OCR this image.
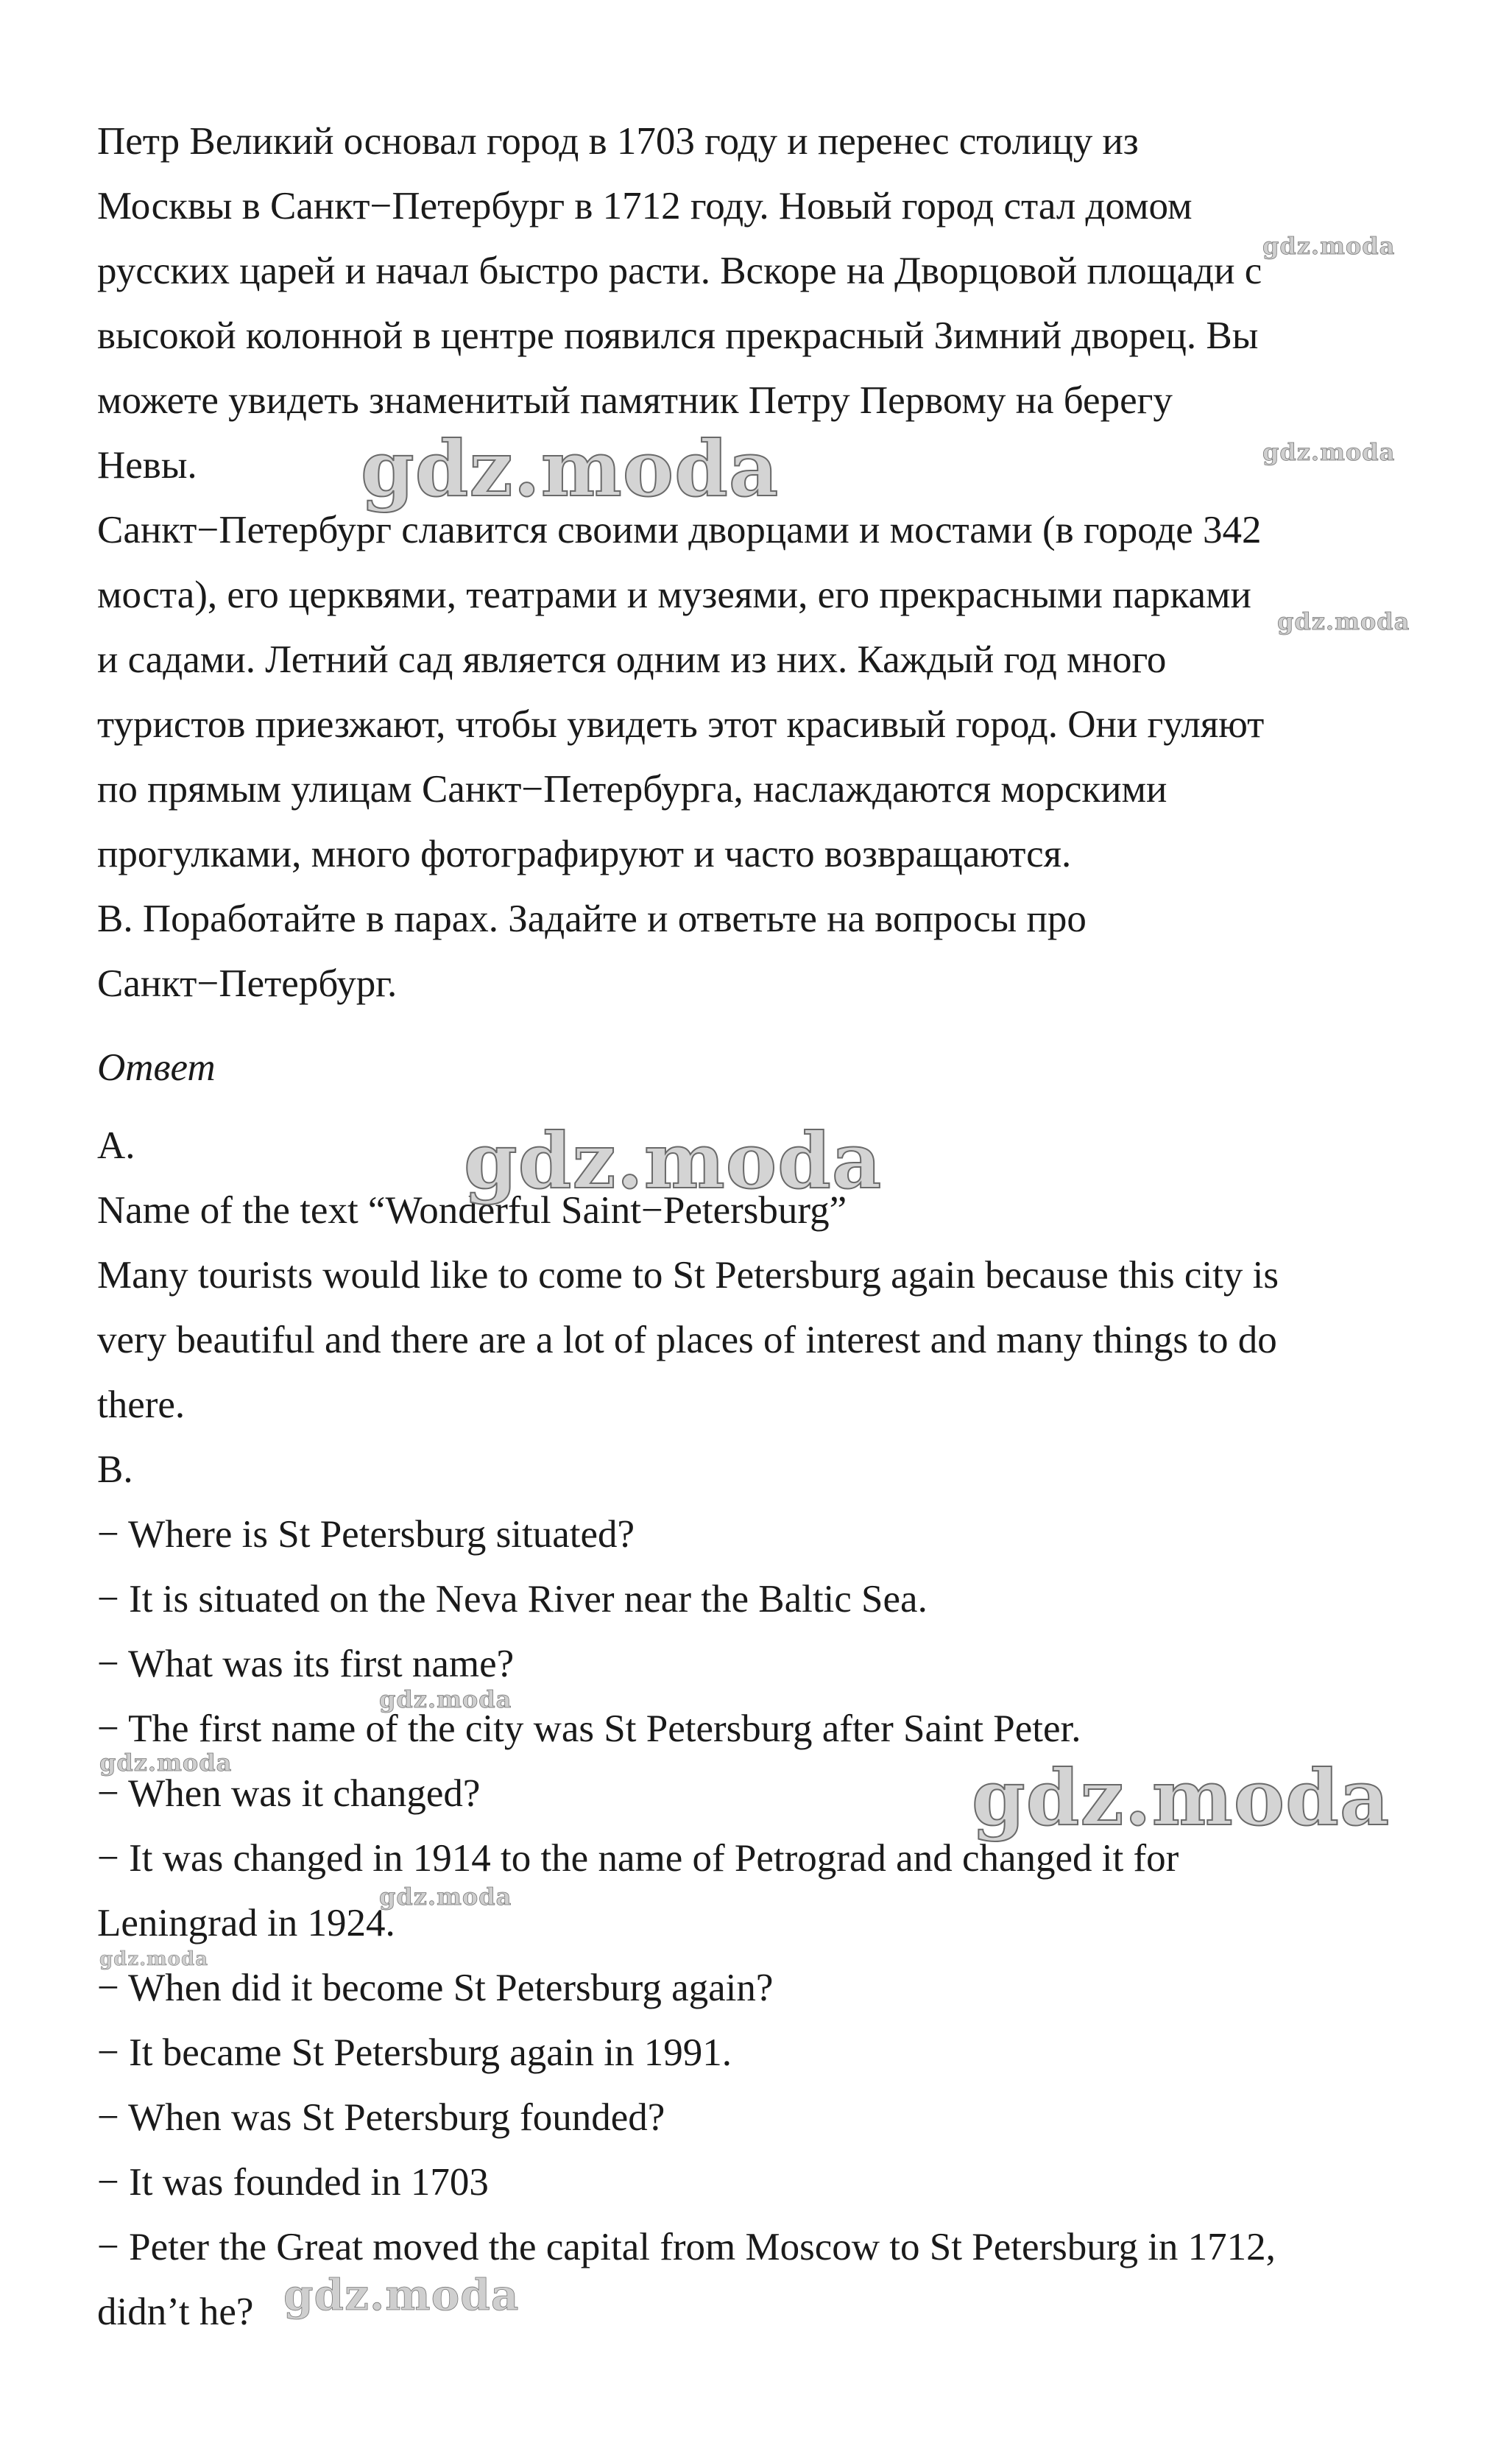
Петр Великий основал город в 1703 году и перенес столицу из

Москвы в Санкт−Петербург в 1712 году. Новый город стал домом

русских царей и начал быстро расти. Вскоре на Дворцовой площади с

высокой колонной в центре появился прекрасный Зимний дворец. Вы

можете увидеть знаменитый памятник Петру Первому на берегу

Невы.

Санкт−Петербург славится своими дворцами и мостами (в городе 342

моста), его церквями, театрами и музеями, его прекрасными парками

и садами. Летний сад является одним из них. Каждый год много

туристов приезжают, чтобы увидеть этот красивый город. Они гуляют

по прямым улицам Санкт−Петербурга, наслаждаются морскими

прогулками, много фотографируют и часто возвращаются.

В. Поработайте в парах. Задайте и ответьте на вопросы про

Санкт−Петербург.

Ответ

A.

Name of the text “Wonderful Saint−Petersburg”

Many tourists would like to come to St Petersburg again because this city is

very beautiful and there are a lot of places of interest and many things to do

there.

B.

− Where is St Petersburg situated?

− It is situated on the Neva River near the Baltic Sea.

− What was its first name?

− The first name of the city was St Petersburg after Saint Peter.

− When was it changed?

− It was changed in 1914 to the name of Petrograd and changed it for

Leningrad in 1924.

− When did it become St Petersburg again?

− It became St Petersburg again in 1991.

− When was St Petersburg founded?

− It was founded in 1703

− Peter the Great moved the capital from Moscow to St Petersburg in 1712,

didn’t he?

gdz.moda
gdz.moda
gdz.moda
gdz.moda
gdz.moda
gdz.moda
gdz.moda
gdz.moda
gdz.moda
gdz.moda
gdz.moda
